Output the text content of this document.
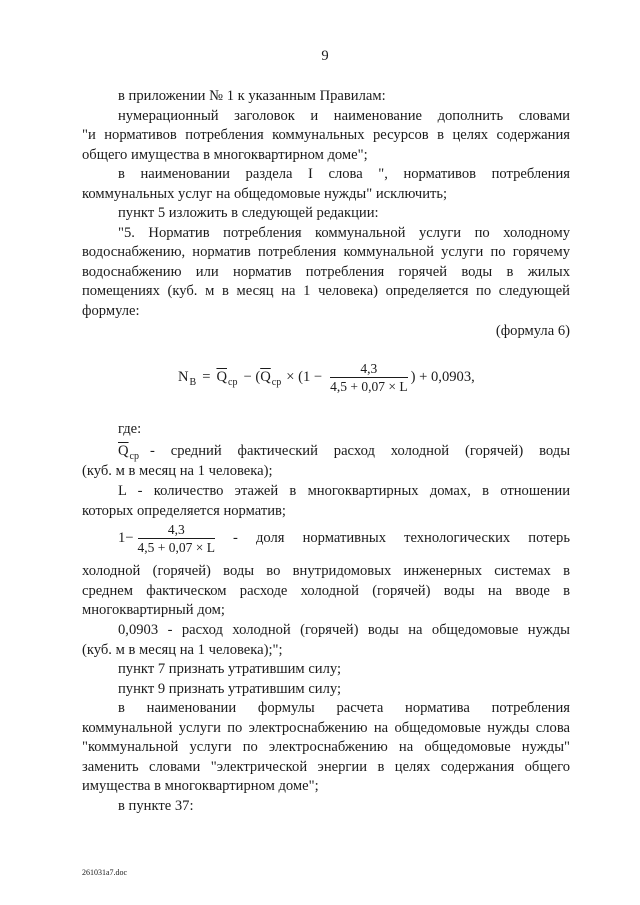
9
в приложении № 1 к указанным Правилам:
нумерационный заголовок и наименование дополнить словами
"и нормативов потребления коммунальных ресурсов в целях содержания
общего имущества в многоквартирном доме";
в наименовании раздела I слова ", нормативов потребления
коммунальных услуг на общедомовые нужды" исключить;
пункт 5 изложить в следующей редакции:
"5. Норматив потребления коммунальной услуги по холодному
водоснабжению, норматив потребления коммунальной услуги по горячему
водоснабжению или норматив потребления горячей воды в жилых
помещениях (куб. м в месяц на 1 человека) определяется по следующей
формуле:
(формула 6)
N $В = \overline{Q}$ ср − ( $\overline{Q}$ ср × ($1 - \frac{4,3}{4,5 + 0,07 \times L}$ ) + 0,0903,
где:
$\overline{Q}$ ср - средний фактический расход холодной (горячей) воды
(куб. м в месяц на 1 человека);
L - количество этажей в многоквартирных домах, в отношении
которых определяется норматив;
$1- \frac{4,3}{4,5 + 0,07 \times L}$ - доля нормативных технологических потерь
холодной (горячей) воды во внутридомовых инженерных системах в
среднем фактическом расходе холодной (горячей) воды на вводе в
многоквартирный дом;
0,0903 - расход холодной (горячей) воды на общедомовые нужды
(куб. м в месяц на 1 человека);";
пункт 7 признать утратившим силу;
пункт 9 признать утратившим силу;
в наименовании формулы расчета норматива потребления
коммунальной услуги по электроснабжению на общедомовые нужды слова
"коммунальной услуги по электроснабжению на общедомовые нужды"
заменить словами "электрической энергии в целях содержания общего
имущества в многоквартирном доме";
в пункте 37:
261031a7.doc
